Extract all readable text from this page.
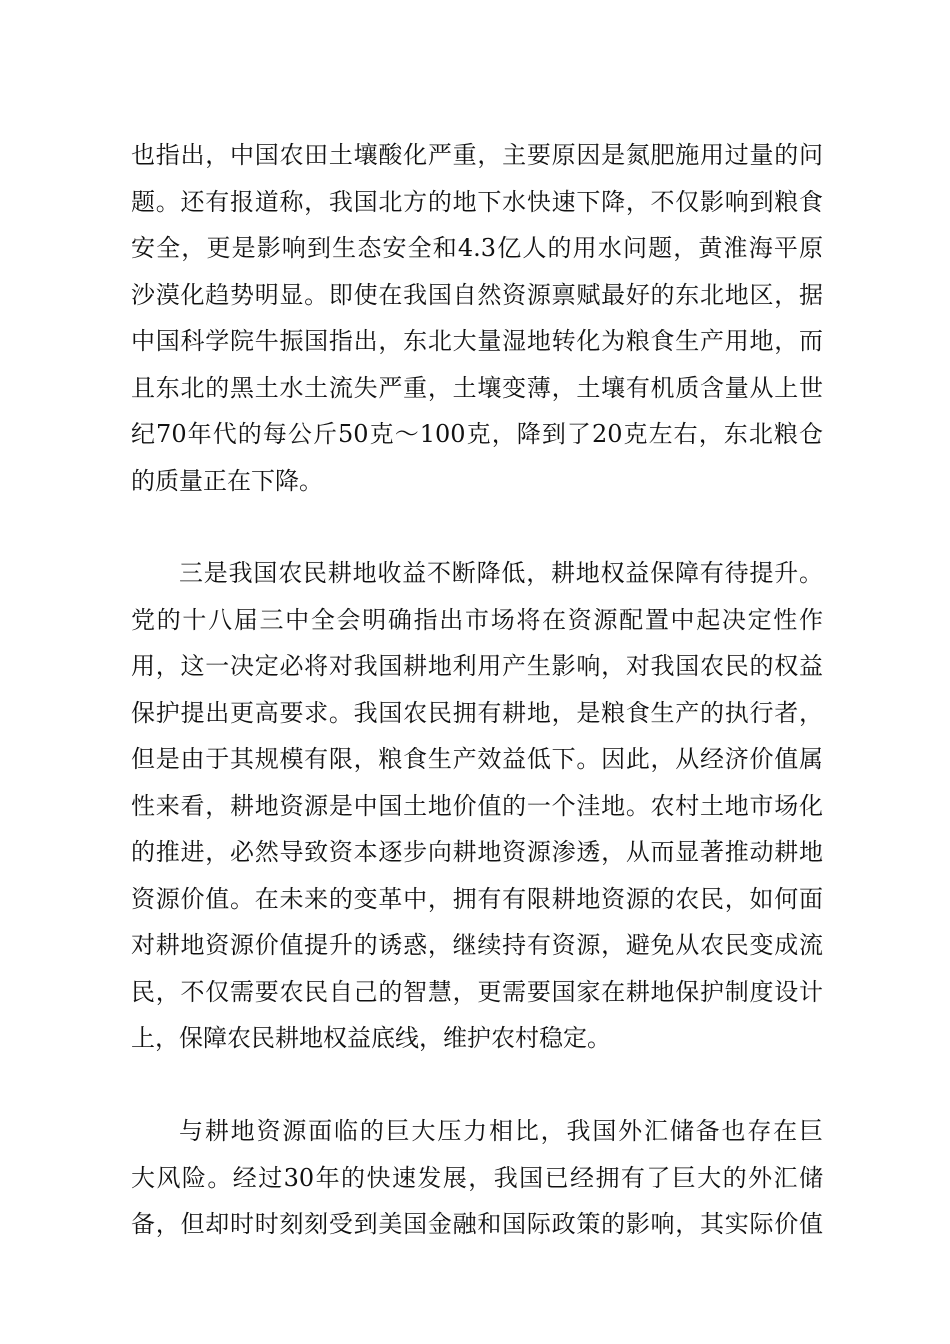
也指出，中国农田土壤酸化严重，主要原因是氮肥施用过量的问
题。还有报道称，我国北方的地下水快速下降，不仅影响到粮食
安全，更是影响到生态安全和4.3亿人的用水问题，黄淮海平原
沙漠化趋势明显。即使在我国自然资源禀赋最好的东北地区，据
中国科学院牛振国指出，东北大量湿地转化为粮食生产用地，而
且东北的黑土水土流失严重，土壤变薄，土壤有机质含量从上世
纪70年代的每公斤50克～100克，降到了20克左右，东北粮仓
的质量正在下降。
三是我国农民耕地收益不断降低，耕地权益保障有待提升。
党的十八届三中全会明确指出市场将在资源配置中起决定性作
用，这一决定必将对我国耕地利用产生影响，对我国农民的权益
保护提出更高要求。我国农民拥有耕地，是粮食生产的执行者，
但是由于其规模有限，粮食生产效益低下。因此，从经济价值属
性来看，耕地资源是中国土地价值的一个洼地。农村土地市场化
的推进，必然导致资本逐步向耕地资源渗透，从而显著推动耕地
资源价值。在未来的变革中，拥有有限耕地资源的农民，如何面
对耕地资源价值提升的诱惑，继续持有资源，避免从农民变成流
民，不仅需要农民自己的智慧，更需要国家在耕地保护制度设计
上，保障农民耕地权益底线，维护农村稳定。
与耕地资源面临的巨大压力相比，我国外汇储备也存在巨
大风险。经过30年的快速发展，我国已经拥有了巨大的外汇储
备，但却时时刻刻受到美国金融和国际政策的影响，其实际价值
